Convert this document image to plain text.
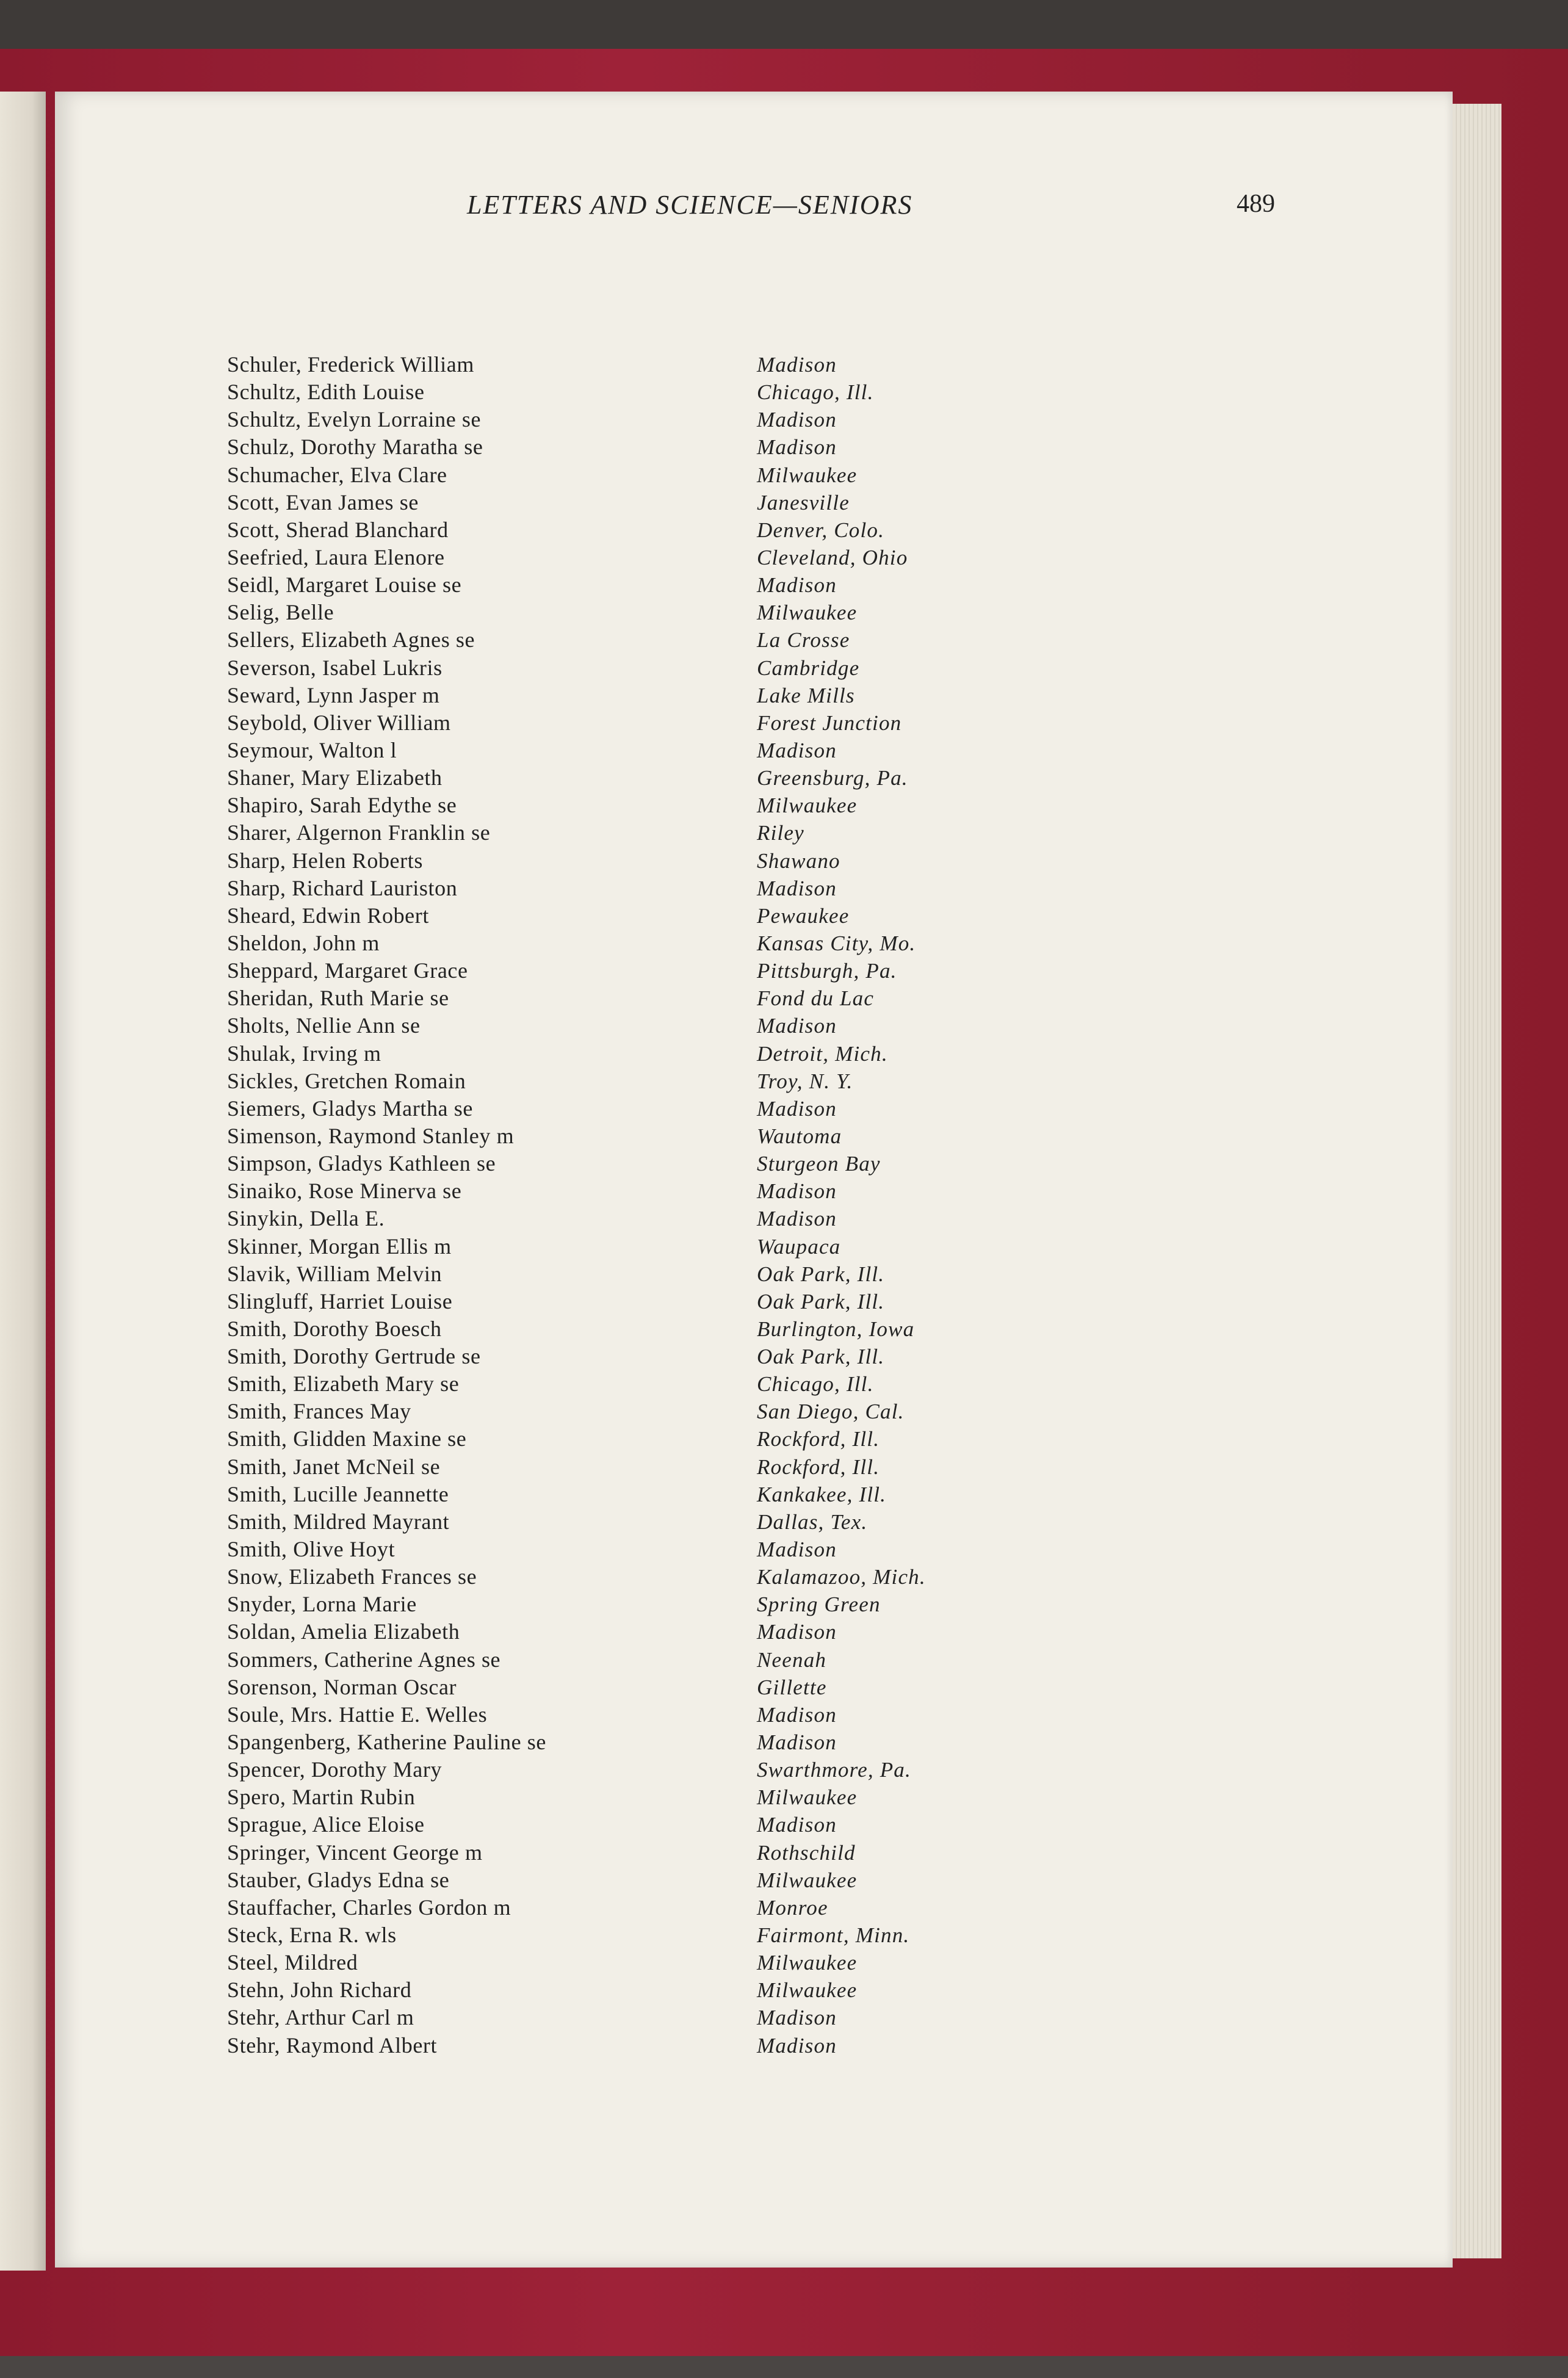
LETTERS AND SCIENCE—SENIORS	489
Schuler, Frederick William	Madison
Schultz, Edith Louise	Chicago, Ill.
Schultz, Evelyn Lorraine se	Madison
Schulz, Dorothy Maratha se	Madison
Schumacher, Elva Clare	Milwaukee
Scott, Evan James se	Janesville
Scott, Sherad Blanchard	Denver, Colo.
Seefried, Laura Elenore	Cleveland, Ohio
Seidl, Margaret Louise se	Madison
Selig, Belle	Milwaukee
Sellers, Elizabeth Agnes se	La Crosse
Severson, Isabel Lukris	Cambridge
Seward, Lynn Jasper m	Lake Mills
Seybold, Oliver William	Forest Junction
Seymour, Walton l	Madison
Shaner, Mary Elizabeth	Greensburg, Pa.
Shapiro, Sarah Edythe se	Milwaukee
Sharer, Algernon Franklin se	Riley
Sharp, Helen Roberts	Shawano
Sharp, Richard Lauriston	Madison
Sheard, Edwin Robert	Pewaukee
Sheldon, John m	Kansas City, Mo.
Sheppard, Margaret Grace	Pittsburgh, Pa.
Sheridan, Ruth Marie se	Fond du Lac
Sholts, Nellie Ann se	Madison
Shulak, Irving m	Detroit, Mich.
Sickles, Gretchen Romain	Troy, N. Y.
Siemers, Gladys Martha se	Madison
Simenson, Raymond Stanley m	Wautoma
Simpson, Gladys Kathleen se	Sturgeon Bay
Sinaiko, Rose Minerva se	Madison
Sinykin, Della E.	Madison
Skinner, Morgan Ellis m	Waupaca
Slavik, William Melvin	Oak Park, Ill.
Slingluff, Harriet Louise	Oak Park, Ill.
Smith, Dorothy Boesch	Burlington, Iowa
Smith, Dorothy Gertrude se	Oak Park, Ill.
Smith, Elizabeth Mary se	Chicago, Ill.
Smith, Frances May	San Diego, Cal.
Smith, Glidden Maxine se	Rockford, Ill.
Smith, Janet McNeil se	Rockford, Ill.
Smith, Lucille Jeannette	Kankakee, Ill.
Smith, Mildred Mayrant	Dallas, Tex.
Smith, Olive Hoyt	Madison
Snow, Elizabeth Frances se	Kalamazoo, Mich.
Snyder, Lorna Marie	Spring Green
Soldan, Amelia Elizabeth	Madison
Sommers, Catherine Agnes se	Neenah
Sorenson, Norman Oscar	Gillette
Soule, Mrs. Hattie E. Welles	Madison
Spangenberg, Katherine Pauline se	Madison
Spencer, Dorothy Mary	Swarthmore, Pa.
Spero, Martin Rubin	Milwaukee
Sprague, Alice Eloise	Madison
Springer, Vincent George m	Rothschild
Stauber, Gladys Edna se	Milwaukee
Stauffacher, Charles Gordon m	Monroe
Steck, Erna R. wls	Fairmont, Minn.
Steel, Mildred	Milwaukee
Stehn, John Richard	Milwaukee
Stehr, Arthur Carl m	Madison
Stehr, Raymond Albert	Madison
